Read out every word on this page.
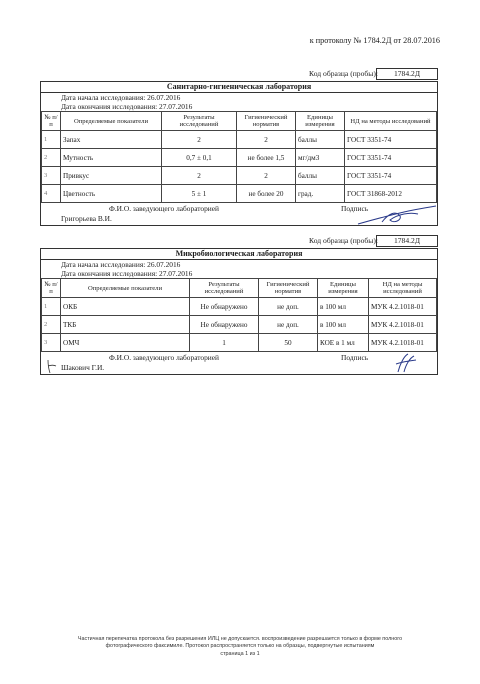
к протоколу № 1784.2Д от 28.07.2016
Код образца (пробы):	1784.2Д
Санитарно-гигиеническая лаборатория
Дата начала исследования: 26.07.2016
Дата окончания исследования: 27.07.2016
№ п/п	Определяемые показатели	Результаты исследований	Гигиенический норматив	Единицы измерения	НД на методы исследований
1	Запах	2	2	баллы	ГОСТ 3351-74
2	Мутность	0,7 ± 0,1	не более 1,5	мг/дм3	ГОСТ 3351-74
3	Привкус	2	2	баллы	ГОСТ 3351-74
4	Цветность	5 ± 1	не более 20	град.	ГОСТ 31868-2012
Ф.И.О. заведующего лабораторией
Григорьева В.И.
Подпись
Код образца (пробы):	1784.2Д
Микробиологическая лаборатория
Дата начала исследования: 26.07.2016
Дата окончания исследования: 27.07.2016
№ п/п	Определяемые показатели	Результаты исследований	Гигиенический норматив	Единицы измерения	НД на методы исследований
1	ОКБ	Не обнаружено	не доп.	в 100 мл	МУК 4.2.1018-01
2	ТКБ	Не обнаружено	не доп.	в 100 мл	МУК 4.2.1018-01
3	ОМЧ	1	50	КОЕ в 1 мл	МУК 4.2.1018-01
Ф.И.О. заведующего лабораторией
Шакович Г.И.
Подпись
Частичная перепечатка протокола без разрешения ИЛЦ не допускается. воспроизведение разрешается только в форме полного
фотографического факсимиле. Протокол распространяется только на образцы, подвергнутые испытаниям
страница 1 из 1
